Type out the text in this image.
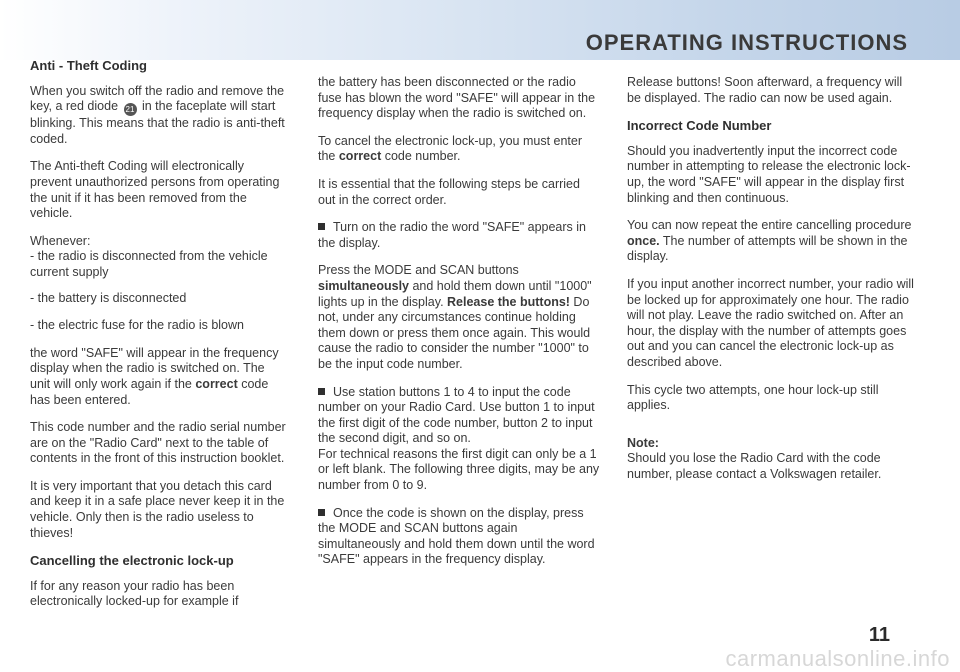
OPERATING INSTRUCTIONS
Anti - Theft Coding

When you switch off the radio and remove the key, a red diode 21 in the faceplate will start blinking. This means that the radio is anti-theft coded.

The Anti-theft Coding will electronically prevent unauthorized persons from operating the unit if it has been removed from the vehicle.

Whenever:
- the radio is disconnected from the vehicle current supply

- the battery is disconnected

- the electric fuse for the radio is blown

the word "SAFE" will appear in the frequency display when the radio is switched on. The unit will only work again if the correct code has been entered.

This code number and the radio serial number are on the "Radio Card" next to the table of contents in the front of this instruction booklet.

It is very important that you detach this card and keep it in a safe place never keep it in the vehicle. Only then is the radio useless to thieves!

Cancelling the electronic lock-up

If for any reason your radio has been electronically locked-up for example if

the battery has been disconnected or the radio fuse has blown the word "SAFE" will appear in the frequency display when the radio is switched on.

To cancel the electronic lock-up, you must enter the correct code number.

It is essential that the following steps be carried out in the correct order.

Turn on the radio the word "SAFE" appears in the display.

Press the MODE and SCAN buttons simultaneously and hold them down until "1000" lights up in the display. Release the buttons! Do not, under any circumstances continue holding them down or press them once again. This would cause the radio to consider the number "1000" to be the input code number.

Use station buttons 1 to 4 to input the code number on your Radio Card. Use button 1 to input the first digit of the code number, button 2 to input the second digit, and so on.

For technical reasons the first digit can only be a 1 or left blank. The following three digits, may be any number from 0 to 9.

Once the code is shown on the display, press the MODE and SCAN buttons again simultaneously and hold them down until the word "SAFE" appears in the frequency display.

Release buttons! Soon afterward, a frequency will be displayed. The radio can now be used again.

Incorrect Code Number

Should you inadvertently input the incorrect code number in attempting to release the electronic lock-up, the word "SAFE" will appear in the display first blinking and then continuous.

You can now repeat the entire cancelling procedure once. The number of attempts will be shown in the display.

If you input another incorrect number, your radio will be locked up for approximately one hour. The radio will not play. Leave the radio switched on. After an hour, the display with the number of attempts goes out and you can cancel the electronic lock-up as described above.

This cycle two attempts, one hour lock-up still applies.

Note:
Should you lose the Radio Card with the code number, please contact a Volkswagen retailer.

11
carmanualsonline.info
